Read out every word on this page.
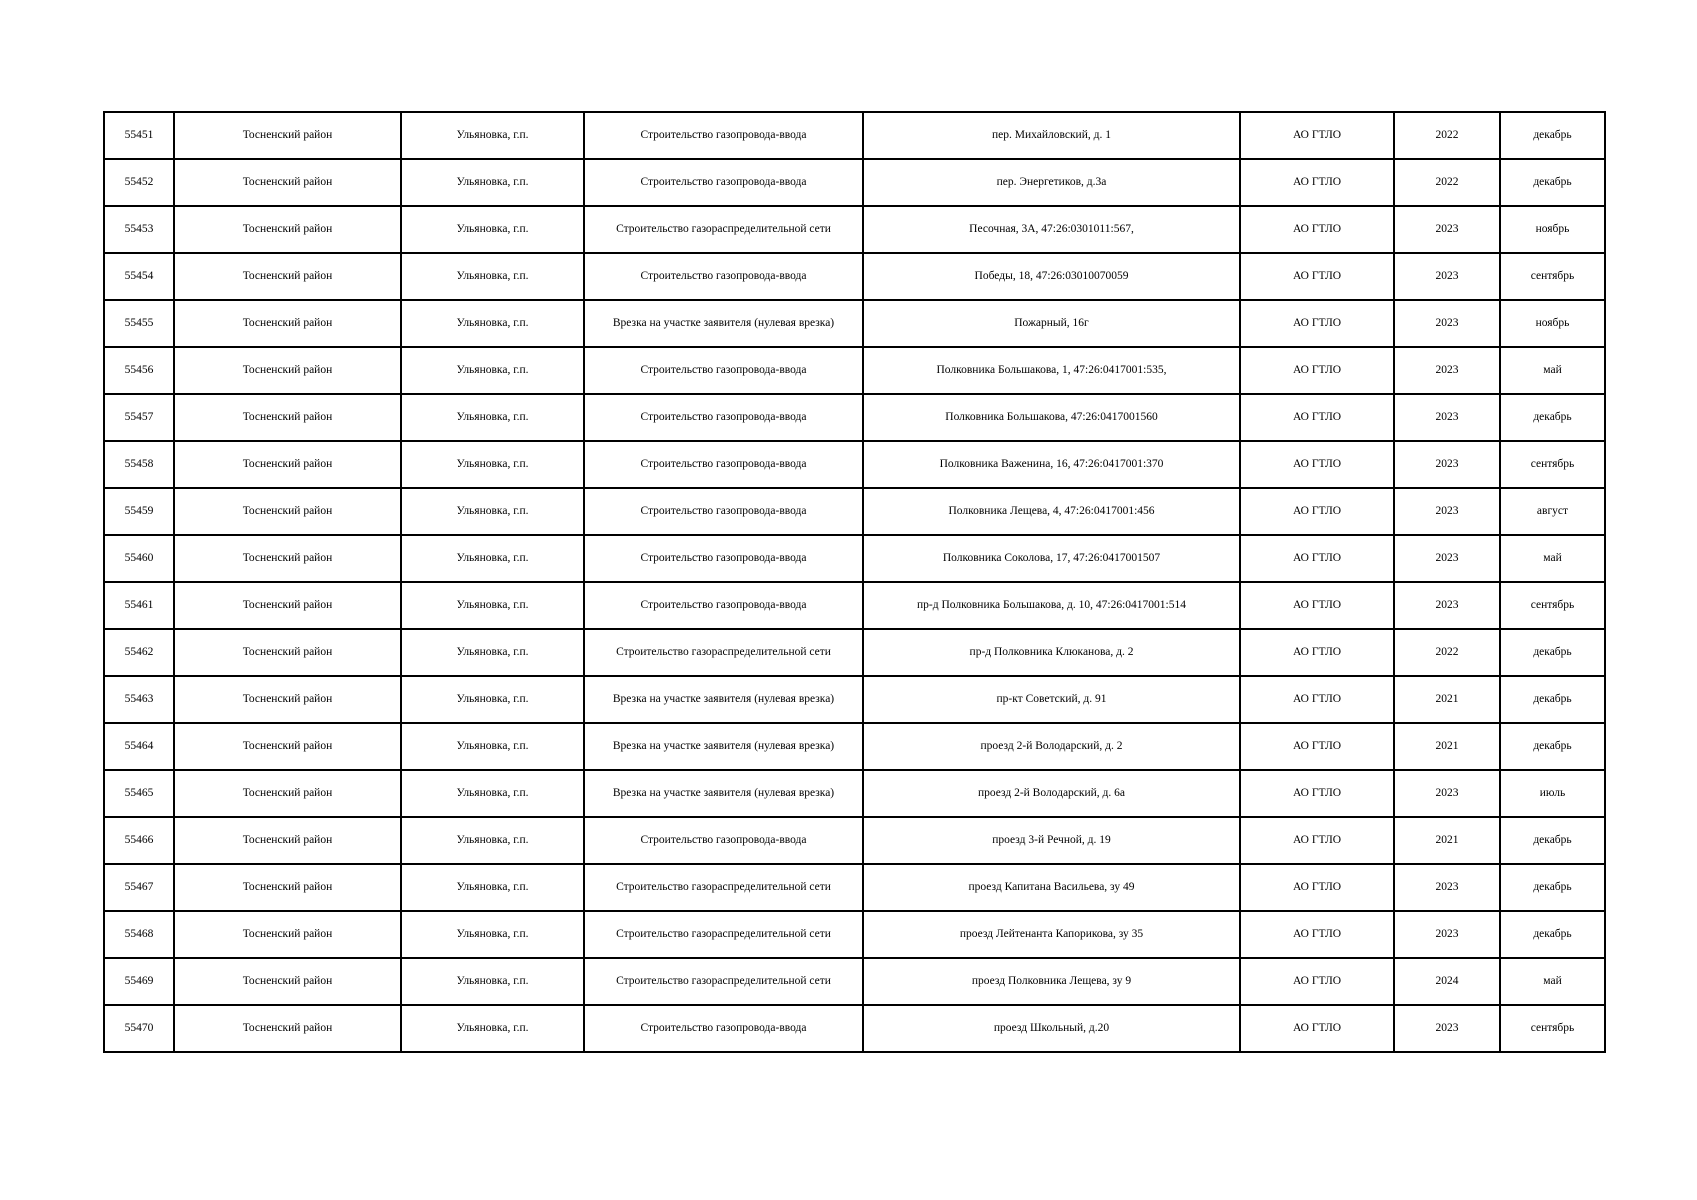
55451	Тосненский район	Ульяновка, г.п.	Строительство газопровода-ввода	пер. Михайловский, д. 1	АО ГТЛО	2022	декабрь
55452	Тосненский район	Ульяновка, г.п.	Строительство газопровода-ввода	пер. Энергетиков, д.3а	АО ГТЛО	2022	декабрь
55453	Тосненский район	Ульяновка, г.п.	Строительство газораспределительной сети	Песочная, 3А, 47:26:0301011:567,	АО ГТЛО	2023	ноябрь
55454	Тосненский район	Ульяновка, г.п.	Строительство газопровода-ввода	Победы, 18, 47:26:03010070059	АО ГТЛО	2023	сентябрь
55455	Тосненский район	Ульяновка, г.п.	Врезка на участке заявителя (нулевая врезка)	Пожарный, 16г	АО ГТЛО	2023	ноябрь
55456	Тосненский район	Ульяновка, г.п.	Строительство газопровода-ввода	Полковника Большакова, 1, 47:26:0417001:535,	АО ГТЛО	2023	май
55457	Тосненский район	Ульяновка, г.п.	Строительство газопровода-ввода	Полковника Большакова, 47:26:0417001560	АО ГТЛО	2023	декабрь
55458	Тосненский район	Ульяновка, г.п.	Строительство газопровода-ввода	Полковника Важенина, 16, 47:26:0417001:370	АО ГТЛО	2023	сентябрь
55459	Тосненский район	Ульяновка, г.п.	Строительство газопровода-ввода	Полковника Лещева, 4, 47:26:0417001:456	АО ГТЛО	2023	август
55460	Тосненский район	Ульяновка, г.п.	Строительство газопровода-ввода	Полковника Соколова, 17, 47:26:0417001507	АО ГТЛО	2023	май
55461	Тосненский район	Ульяновка, г.п.	Строительство газопровода-ввода	пр-д Полковника Большакова, д. 10, 47:26:0417001:514	АО ГТЛО	2023	сентябрь
55462	Тосненский район	Ульяновка, г.п.	Строительство газораспределительной сети	пр-д Полковника Клюканова, д. 2	АО ГТЛО	2022	декабрь
55463	Тосненский район	Ульяновка, г.п.	Врезка на участке заявителя (нулевая врезка)	пр-кт Советский, д. 91	АО ГТЛО	2021	декабрь
55464	Тосненский район	Ульяновка, г.п.	Врезка на участке заявителя (нулевая врезка)	проезд 2-й Володарский, д. 2	АО ГТЛО	2021	декабрь
55465	Тосненский район	Ульяновка, г.п.	Врезка на участке заявителя (нулевая врезка)	проезд 2-й Володарский, д. 6а	АО ГТЛО	2023	июль
55466	Тосненский район	Ульяновка, г.п.	Строительство газопровода-ввода	проезд 3-й Речной, д. 19	АО ГТЛО	2021	декабрь
55467	Тосненский район	Ульяновка, г.п.	Строительство газораспределительной сети	проезд Капитана Васильева, зу 49	АО ГТЛО	2023	декабрь
55468	Тосненский район	Ульяновка, г.п.	Строительство газораспределительной сети	проезд Лейтенанта Капорикова, зу 35	АО ГТЛО	2023	декабрь
55469	Тосненский район	Ульяновка, г.п.	Строительство газораспределительной сети	проезд Полковника Лещева, зу 9	АО ГТЛО	2024	май
55470	Тосненский район	Ульяновка, г.п.	Строительство газопровода-ввода	проезд Школьный, д.20	АО ГТЛО	2023	сентябрь
